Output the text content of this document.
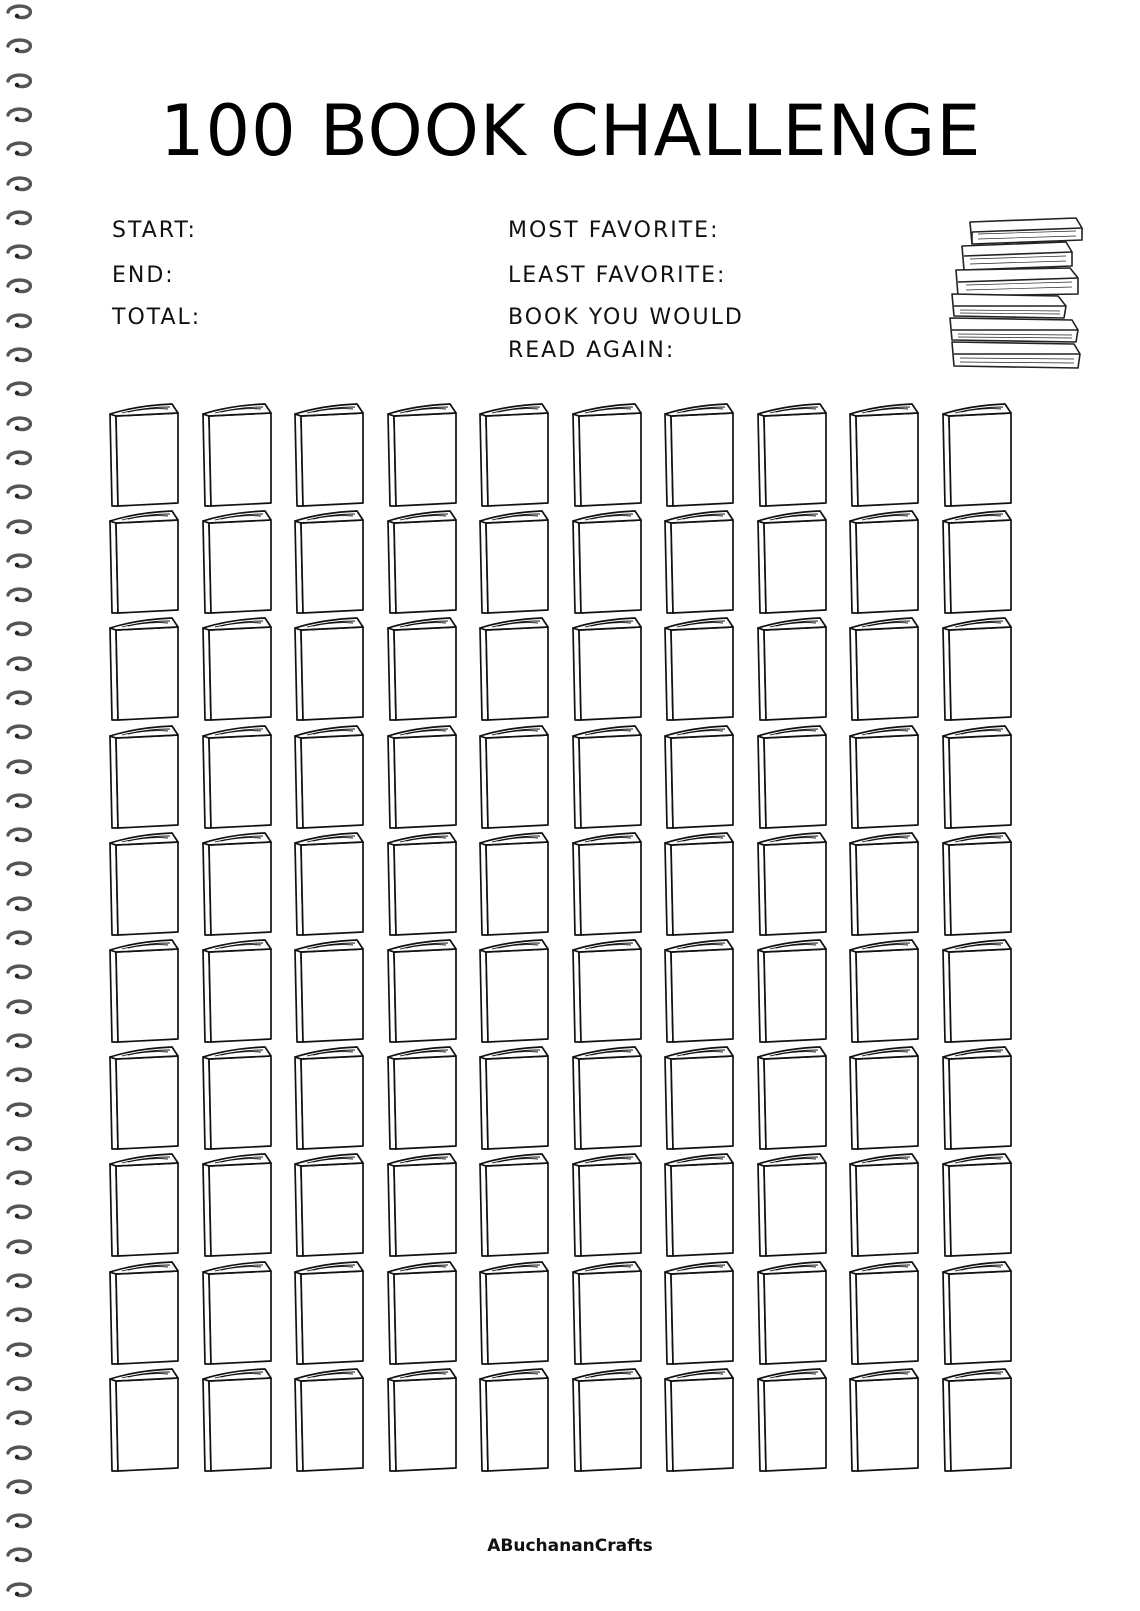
100 BOOK CHALLENGE
START:
END:
TOTAL:
MOST FAVORITE:
LEAST FAVORITE:
BOOK YOU WOULD
READ AGAIN:
ABuchananCrafts
